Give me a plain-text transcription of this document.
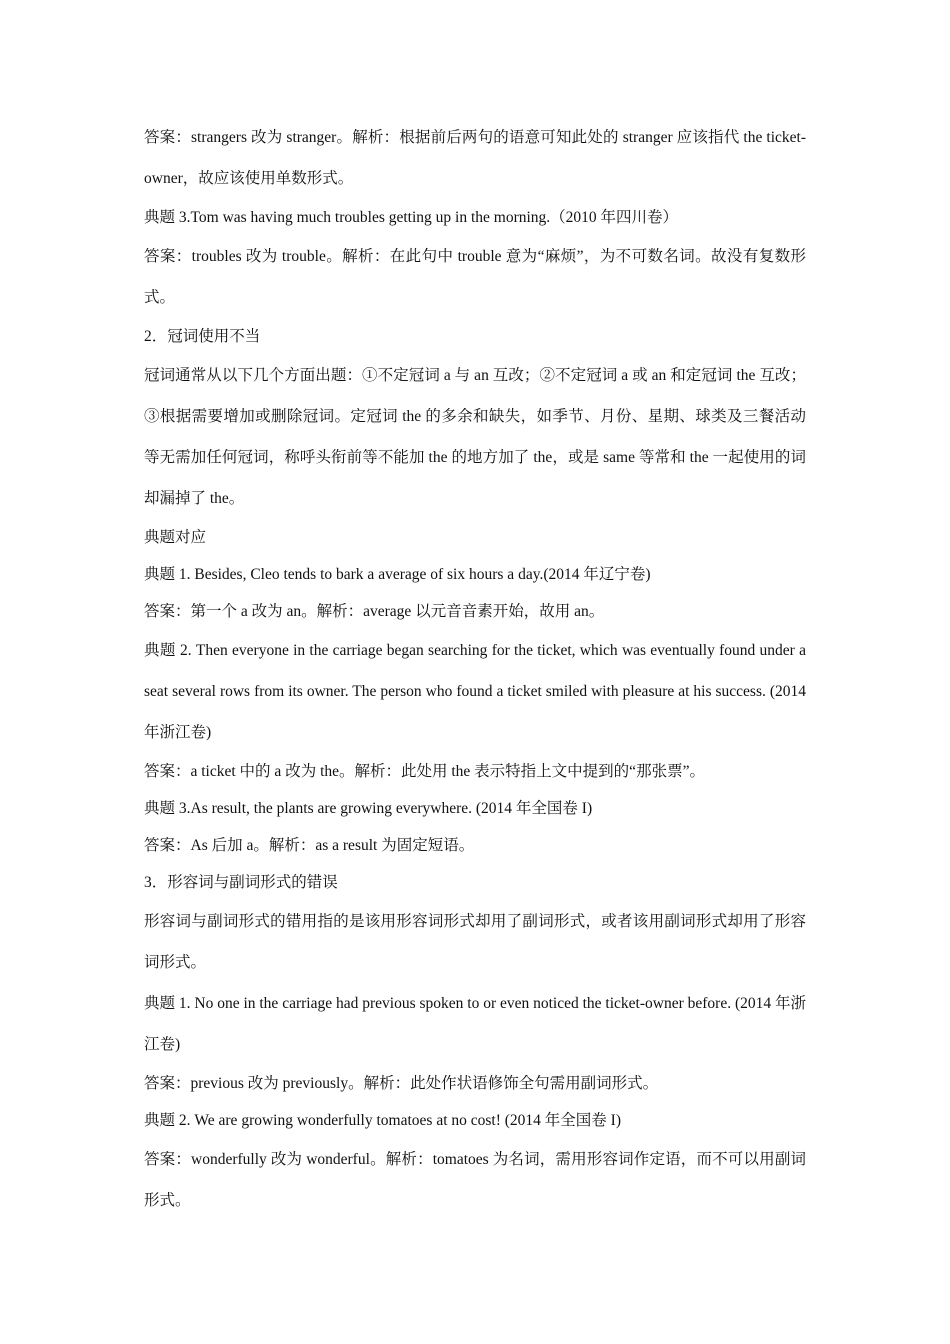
答案：strangers 改为 stranger。解析：根据前后两句的语意可知此处的 stranger 应该指代 the ticket-owner，故应该使用单数形式。

典题 3.Tom was having much troubles getting up in the morning.（2010 年四川卷）

答案：troubles 改为 trouble。解析：在此句中 trouble 意为“麻烦”，为不可数名词。故没有复数形式。

2．冠词使用不当

冠词通常从以下几个方面出题：①不定冠词 a 与 an 互改；②不定冠词 a 或 an 和定冠词 the 互改；③根据需要增加或删除冠词。定冠词 the 的多余和缺失，如季节、月份、星期、球类及三餐活动等无需加任何冠词，称呼头衔前等不能加 the 的地方加了 the，或是 same 等常和 the 一起使用的词却漏掉了 the。

典题对应

典题 1. Besides, Cleo tends to bark a average of six hours a day.(2014 年辽宁卷)

答案：第一个 a 改为 an。解析：average 以元音音素开始，故用 an。

典题 2. Then everyone in the carriage began searching for the ticket, which was eventually found under a seat several rows from its owner. The person who found a ticket smiled with pleasure at his success. (2014 年浙江卷)

答案：a ticket 中的 a 改为 the。解析：此处用 the 表示特指上文中提到的“那张票”。

典题 3.As result, the plants are growing everywhere. (2014 年全国卷 I)

答案：As 后加 a。解析：as a result 为固定短语。

3．形容词与副词形式的错误

形容词与副词形式的错用指的是该用形容词形式却用了副词形式，或者该用副词形式却用了形容词形式。

典题 1. No one in the carriage had previous spoken to or even noticed the ticket-owner before. (2014 年浙江卷)

答案：previous 改为 previously。解析：此处作状语修饰全句需用副词形式。

典题 2. We are growing wonderfully tomatoes at no cost! (2014 年全国卷 I)

答案：wonderfully 改为 wonderful。解析：tomatoes 为名词，需用形容词作定语，而不可以用副词形式。
